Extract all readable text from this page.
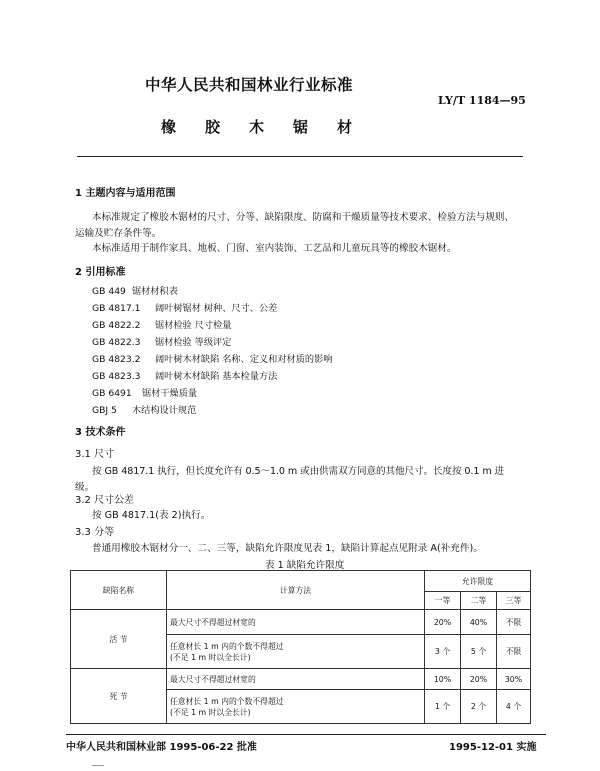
中华人民共和国林业行业标准
LY/T 1184—95
橡胶木锯材
1 主题内容与适用范围
本标准规定了橡胶木锯材的尺寸、分等、缺陷限度、防腐和干燥质量等技术要求、检验方法与规则、
运输及贮存条件等。
本标准适用于制作家具、地板、门窗、室内装饰、工艺品和儿童玩具等的橡胶木锯材。
2 引用标准
GB 449 锯材材积表
GB 4817.1 阔叶树锯材 树种、尺寸、公差
GB 4822.2 锯材检验 尺寸检量
GB 4822.3 锯材检验 等级评定
GB 4823.2 阔叶树木材缺陷 名称、定义和对材质的影响
GB 4823.3 阔叶树木材缺陷 基本检量方法
GB 6491 锯材干燥质量
GBJ 5 木结构设计规范
3 技术条件
3.1 尺寸
按 GB 4817.1 执行，但长度允许有 0.5～1.0 m 或由供需双方同意的其他尺寸。长度按 0.1 m 进
级。
3.2 尺寸公差
按 GB 4817.1(表 2)执行。
3.3 分等
普通用橡胶木锯材分一、二、三等，缺陷允许限度见表 1，缺陷计算起点见附录 A(补充件)。
表 1 缺陷允许限度
缺陷名称	计算方法	允许限度		
		一等	二等	三等
活 节	最大尺寸不得超过材宽的	20%	40%	不限

	任意材长 1 m 内的个数不得超过
(不足 1 m 时以全长计)	3 个	5 个	不限
死 节	最大尺寸不得超过材宽的	10%	20%	30%

	任意材长 1 m 内的个数不得超过
(不足 1 m 时以全长计)	1 个	2 个	4 个
中华人民共和国林业部 1995-06-22 批准	1995-12-01 实施
